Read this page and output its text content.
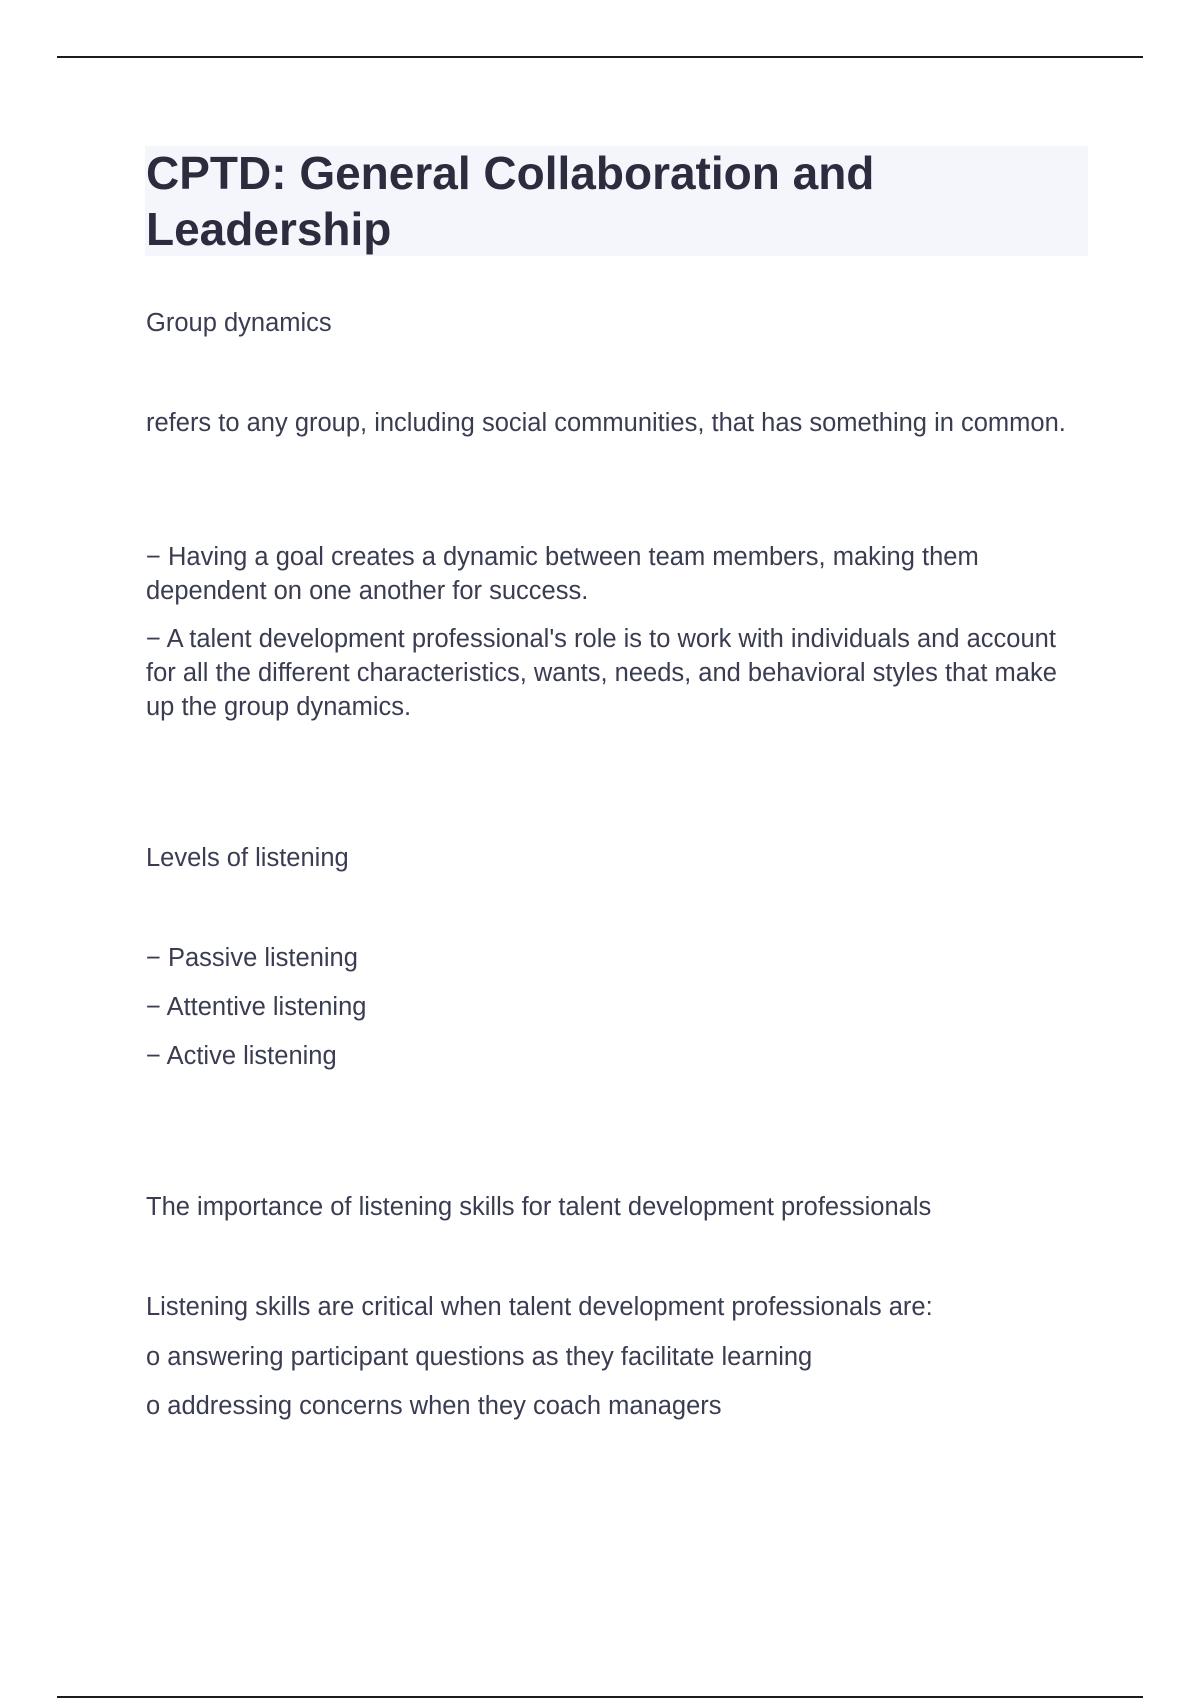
CPTD: General Collaboration and Leadership

Group dynamics

refers to any group, including social communities, that has something in common.

− Having a goal creates a dynamic between team members, making them dependent on one another for success.

− A talent development professional's role is to work with individuals and account for all the different characteristics, wants, needs, and behavioral styles that make up the group dynamics.

Levels of listening

− Passive listening

− Attentive listening

− Active listening

The importance of listening skills for talent development professionals

Listening skills are critical when talent development professionals are:

o answering participant questions as they facilitate learning

o addressing concerns when they coach managers
